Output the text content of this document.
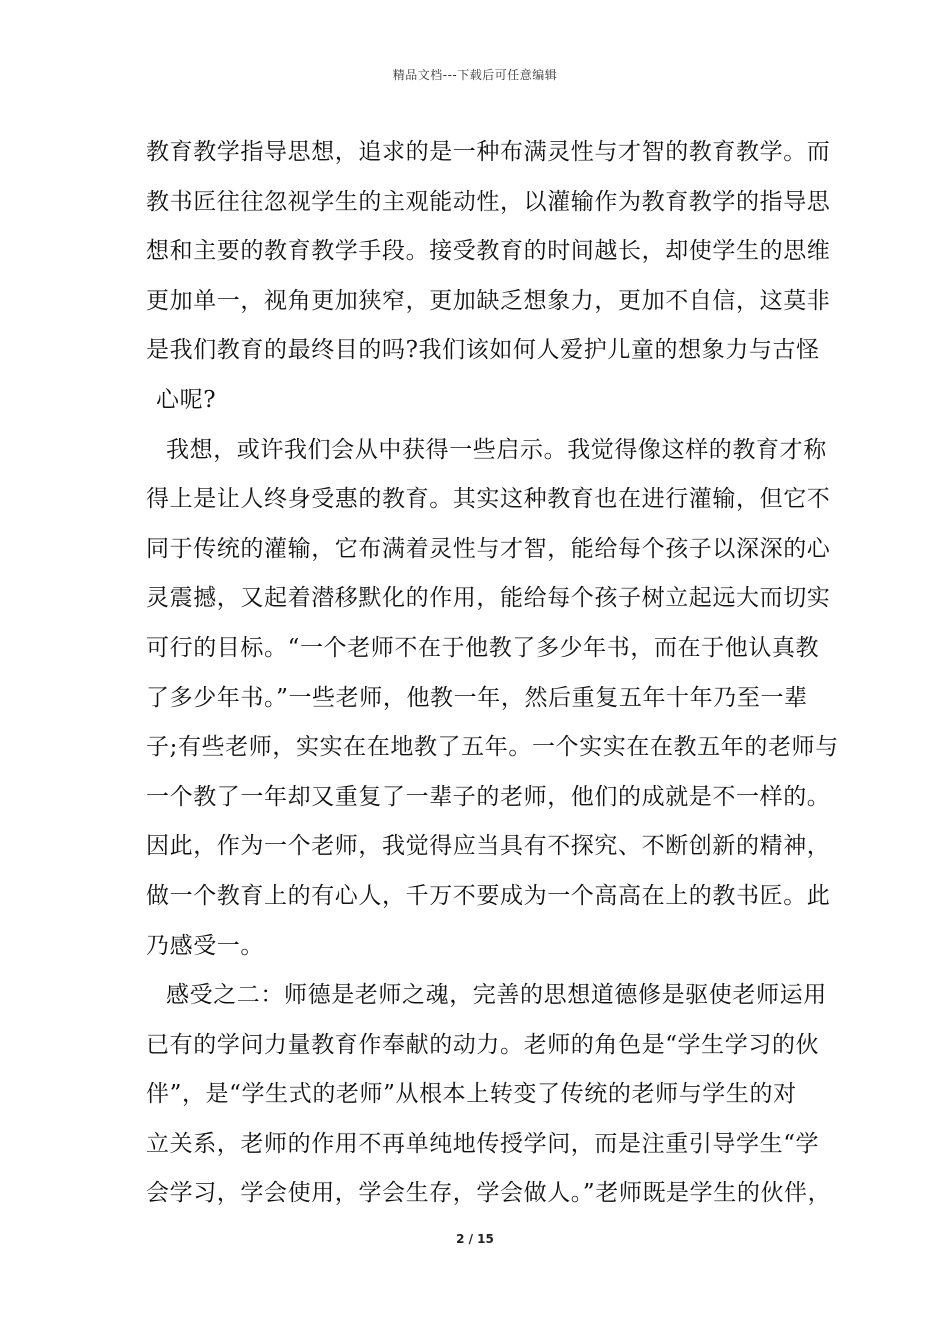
精品文档---下载后可任意编辑
教育教学指导思想，追求的是一种布满灵性与才智的教育教学。而
教书匠往往忽视学生的主观能动性，以灌输作为教育教学的指导思
想和主要的教育教学手段。接受教育的时间越长，却使学生的思维
更加单一，视角更加狭窄，更加缺乏想象力，更加不自信，这莫非
是我们教育的最终目的吗?我们该如何人爱护儿童的想象力与古怪
心呢?
我想，或许我们会从中获得一些启示。我觉得像这样的教育才称
得上是让人终身受惠的教育。其实这种教育也在进行灌输，但它不
同于传统的灌输，它布满着灵性与才智，能给每个孩子以深深的心
灵震撼，又起着潜移默化的作用，能给每个孩子树立起远大而切实
可行的目标。“一个老师不在于他教了多少年书，而在于他认真教
了多少年书。”一些老师，他教一年，然后重复五年十年乃至一辈
子;有些老师，实实在在地教了五年。一个实实在在教五年的老师与
一个教了一年却又重复了一辈子的老师，他们的成就是不一样的。
因此，作为一个老师，我觉得应当具有不探究、不断创新的精神，
做一个教育上的有心人，千万不要成为一个高高在上的教书匠。此
乃感受一。
感受之二：师德是老师之魂，完善的思想道德修是驱使老师运用
已有的学问力量教育作奉献的动力。老师的角色是“学生学习的伙
伴”，是“学生式的老师”从根本上转变了传统的老师与学生的对
立关系，老师的作用不再单纯地传授学问，而是注重引导学生“学
会学习，学会使用，学会生存，学会做人。”老师既是学生的伙伴，
2 / 15
